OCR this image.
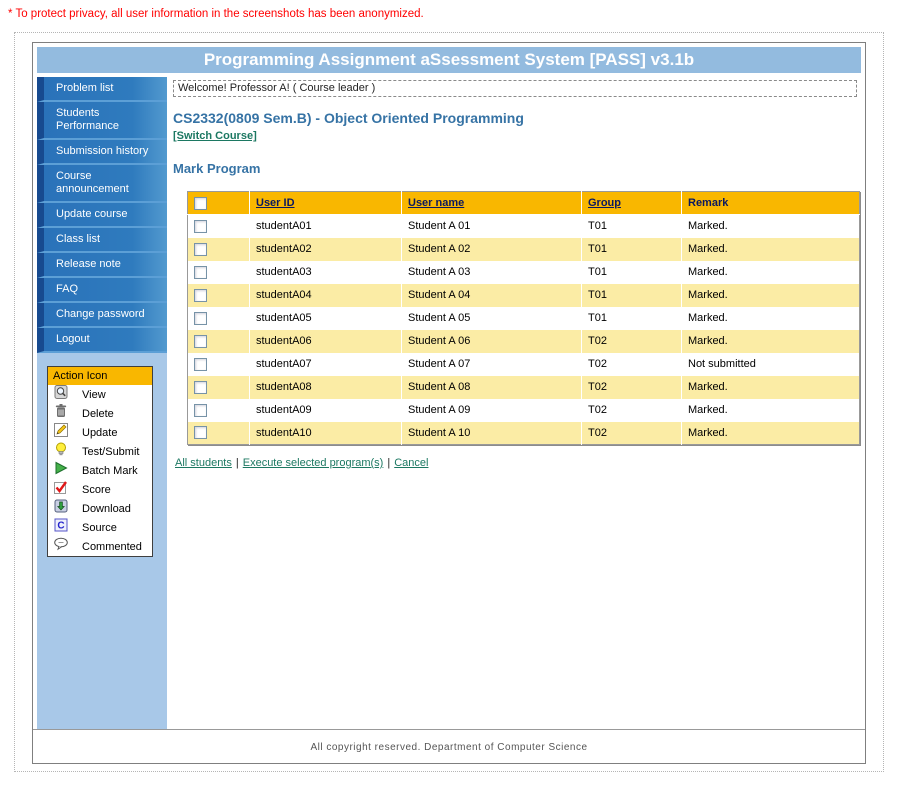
* To protect privacy, all user information in the screenshots has been anonymized.
Programming Assignment aSsessment System [PASS] v3.1b
Problem list
Students Performance
Submission history
Course announcement
Update course
Class list
Release note
FAQ
Change password
Logout
Action Icon
View
Delete
Update
Test/Submit
Batch Mark
Score
Download
C Source
Commented
Welcome! Professor A! ( Course leader )
CS2332(0809 Sem.B) - Object Oriented Programming
[Switch Course]
Mark Program
	User ID	User name	Group	Remark

	studentA01	Student A 01	T01	Marked.

	studentA02	Student A 02	T01	Marked.

	studentA03	Student A 03	T01	Marked.

	studentA04	Student A 04	T01	Marked.

	studentA05	Student A 05	T01	Marked.

	studentA06	Student A 06	T02	Marked.

	studentA07	Student A 07	T02	Not submitted

	studentA08	Student A 08	T02	Marked.

	studentA09	Student A 09	T02	Marked.

	studentA10	Student A 10	T02	Marked.
All students | Execute selected program(s) | Cancel
All copyright reserved. Department of Computer Science
